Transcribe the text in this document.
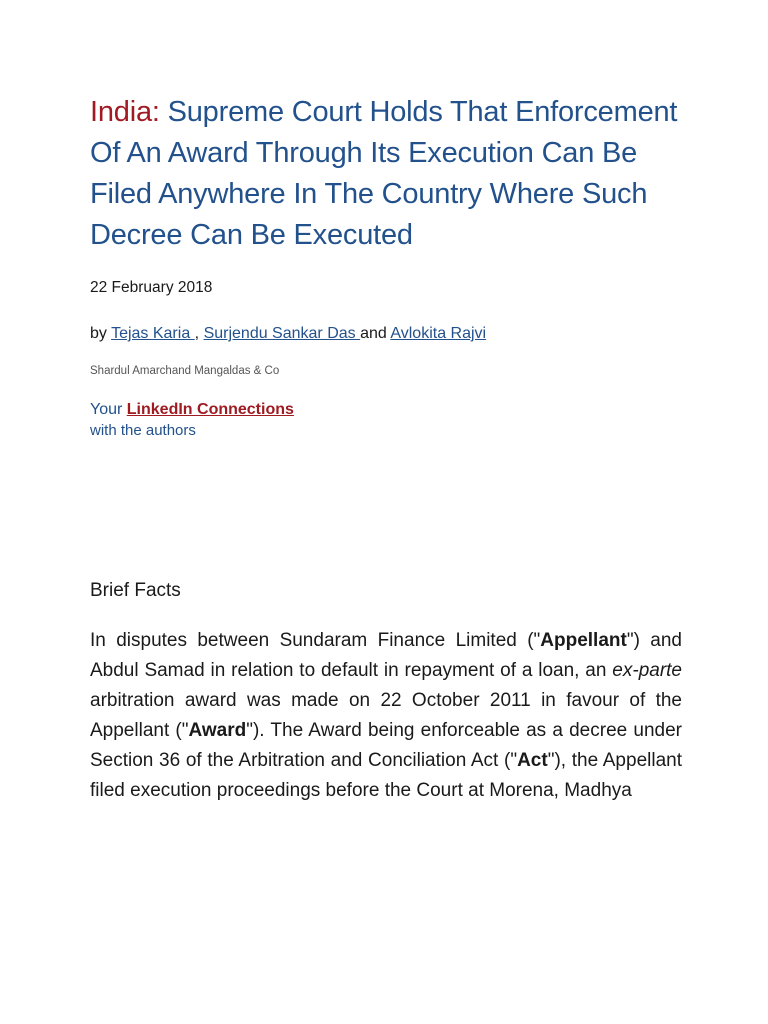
India: Supreme Court Holds That Enforcement Of An Award Through Its Execution Can Be Filed Anywhere In The Country Where Such Decree Can Be Executed
22 February 2018
by Tejas Karia , Surjendu Sankar Das and Avlokita Rajvi
Shardul Amarchand Mangaldas & Co
Your LinkedIn Connections
with the authors
Brief Facts

In disputes between Sundaram Finance Limited ("Appellant") and Abdul Samad in relation to default in repayment of a loan, an ex-parte arbitration award was made on 22 October 2011 in favour of the Appellant ("Award"). The Award being enforceable as a decree under Section 36 of the Arbitration and Conciliation Act ("Act"), the Appellant filed execution proceedings before the Court at Morena, Madhya
